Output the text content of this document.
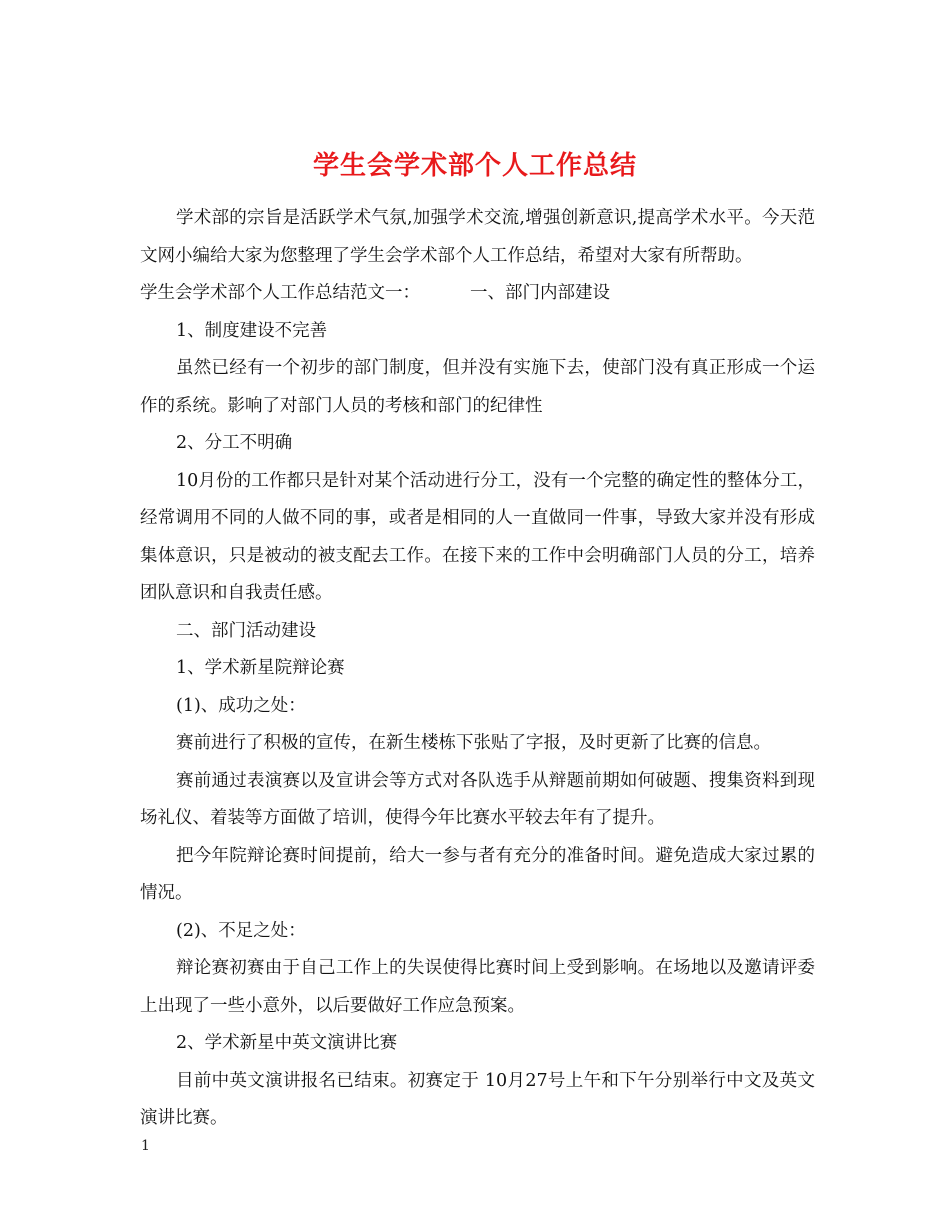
学生会学术部个人工作总结

学术部的宗旨是活跃学术气氛,加强学术交流,增强创新意识,提高学术水平。今天范文网小编给大家为您整理了学生会学术部个人工作总结，希望对大家有所帮助。

学生会学术部个人工作总结范文一：	一、部门内部建设

1、制度建设不完善

虽然已经有一个初步的部门制度，但并没有实施下去，使部门没有真正形成一个运作的系统。影响了对部门人员的考核和部门的纪律性

2、分工不明确

10月份的工作都只是针对某个活动进行分工，没有一个完整的确定性的整体分工，经常调用不同的人做不同的事，或者是相同的人一直做同一件事，导致大家并没有形成集体意识，只是被动的被支配去工作。在接下来的工作中会明确部门人员的分工，培养团队意识和自我责任感。

二、部门活动建设

1、学术新星院辩论赛

(1)、成功之处：

赛前进行了积极的宣传，在新生楼栋下张贴了字报，及时更新了比赛的信息。

赛前通过表演赛以及宣讲会等方式对各队选手从辩题前期如何破题、搜集资料到现场礼仪、着装等方面做了培训，使得今年比赛水平较去年有了提升。

把今年院辩论赛时间提前，给大一参与者有充分的准备时间。避免造成大家过累的情况。

(2)、不足之处：

辩论赛初赛由于自己工作上的失误使得比赛时间上受到影响。在场地以及邀请评委上出现了一些小意外，以后要做好工作应急预案。

2、学术新星中英文演讲比赛

目前中英文演讲报名已结束。初赛定于 10月27号上午和下午分别举行中文及英文演讲比赛。

1
